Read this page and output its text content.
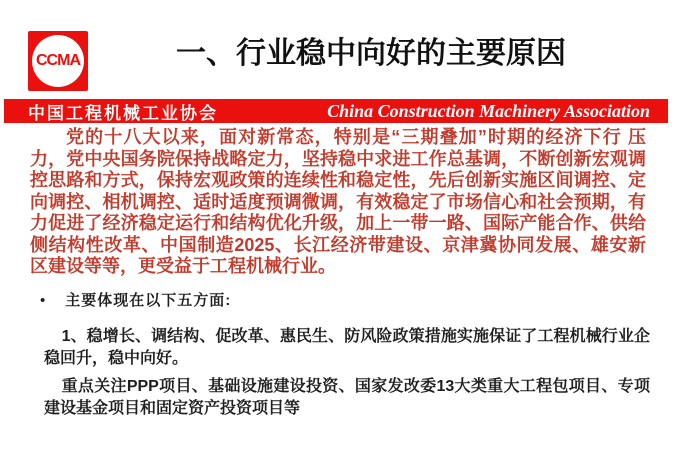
CCMA	一、行业稳中向好的主要原因
中国工程机械工业协会	China Construction Machinery Association

党的十八大以来，面对新常态，特别是“三期叠加”时期的经济下行 压力，党中央国务院保持战略定力，坚持稳中求进工作总基调，不断创新宏观调控思路和方式，保持宏观政策的连续性和稳定性，先后创新实施区间调控、定向调控、相机调控、适时适度预调微调，有效稳定了市场信心和社会预期，有力促进了经济稳定运行和结构优化升级，加上一带一路、国际产能合作、供给侧结构性改革、中国制造2025、长江经济带建设、京津冀协同发展、雄安新区建设等等，更受益于工程机械行业。

• 主要体现在以下五方面:

1、稳增长、调结构、促改革、惠民生、防风险政策措施实施保证了工程机械行业企稳回升，稳中向好。

重点关注PPP项目、基础设施建设投资、国家发改委13大类重大工程包项目、专项建设基金项目和固定资产投资项目等
